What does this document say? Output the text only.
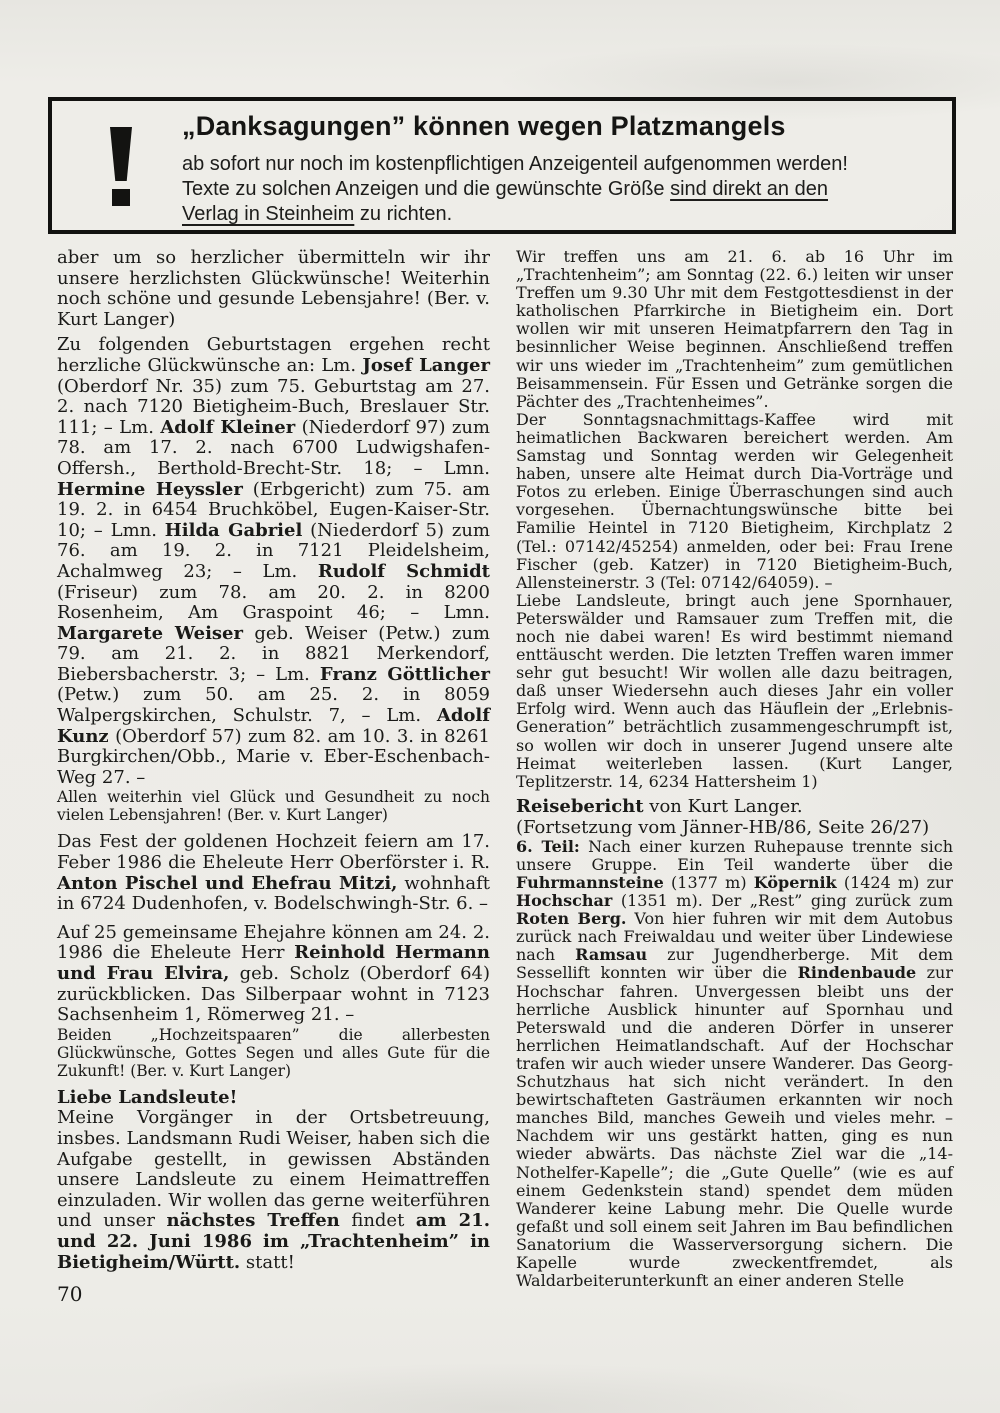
„Danksagungen” können wegen Platzmangels

ab sofort nur noch im kostenpflichtigen Anzeigenteil aufgenommen werden!

Texte zu solchen Anzeigen und die gewünschte Größe sind direkt an den

Verlag in Steinheim zu richten.

aber um so herzlicher übermitteln wir ihr unsere herzlichsten Glückwünsche! Weiterhin noch schöne und gesunde Lebensjahre! (Ber. v. Kurt Langer)

Zu folgenden Geburtstagen ergehen recht herzliche Glückwünsche an: Lm. Josef Langer (Oberdorf Nr. 35) zum 75. Geburtstag am 27. 2. nach 7120 Bietigheim-Buch, Breslauer Str. 111; – Lm. Adolf Kleiner (Niederdorf 97) zum 78. am 17. 2. nach 6700 Ludwigshafen-Offersh., Berthold-Brecht-Str. 18; – Lmn. Hermine Heyssler (Erbgericht) zum 75. am 19. 2. in 6454 Bruchköbel, Eugen-Kaiser-Str. 10; – Lmn. Hilda Gabriel (Niederdorf 5) zum 76. am 19. 2. in 7121 Pleidelsheim, Achalmweg 23; – Lm. Rudolf Schmidt (Friseur) zum 78. am 20. 2. in 8200 Rosenheim, Am Graspoint 46; – Lmn. Margarete Weiser geb. Weiser (Petw.) zum 79. am 21. 2. in 8821 Merkendorf, Biebersbacherstr. 3; – Lm. Franz Göttlicher (Petw.) zum 50. am 25. 2. in 8059 Walpergskirchen, Schulstr. 7, – Lm. Adolf Kunz (Oberdorf 57) zum 82. am 10. 3. in 8261 Burgkirchen/Obb., Marie v. Eber-Eschenbach-Weg 27. –

Allen weiterhin viel Glück und Gesundheit zu noch vielen Lebensjahren! (Ber. v. Kurt Langer)

Das Fest der goldenen Hochzeit feiern am 17. Feber 1986 die Eheleute Herr Oberförster i. R. Anton Pischel und Ehefrau Mitzi, wohnhaft in 6724 Dudenhofen, v. Bodelschwingh-Str. 6. –

Auf 25 gemeinsame Ehejahre können am 24. 2. 1986 die Eheleute Herr Reinhold Hermann und Frau Elvira, geb. Scholz (Oberdorf 64) zurückblicken. Das Silberpaar wohnt in 7123 Sachsenheim 1, Römerweg 21. –

Beiden „Hochzeitspaaren” die allerbesten Glückwünsche, Gottes Segen und alles Gute für die Zukunft! (Ber. v. Kurt Langer)

Liebe Landsleute!

Meine Vorgänger in der Ortsbetreuung, insbes. Landsmann Rudi Weiser, haben sich die Aufgabe gestellt, in gewissen Abständen unsere Landsleute zu einem Heimattreffen einzuladen. Wir wollen das gerne weiterführen und unser nächstes Treffen findet am 21. und 22. Juni 1986 im „Trachtenheim” in Bietigheim/Württ. statt!

Wir treffen uns am 21. 6. ab 16 Uhr im „Trachtenheim”; am Sonntag (22. 6.) leiten wir unser Treffen um 9.30 Uhr mit dem Festgottesdienst in der katholischen Pfarrkirche in Bietigheim ein. Dort wollen wir mit unseren Heimatpfarrern den Tag in besinnlicher Weise beginnen. Anschließend treffen wir uns wieder im „Trachtenheim” zum gemütlichen Beisammensein. Für Essen und Getränke sorgen die Pächter des „Trachtenheimes”.

Der Sonntagsnachmittags-Kaffee wird mit heimatlichen Backwaren bereichert werden. Am Samstag und Sonntag werden wir Gelegenheit haben, unsere alte Heimat durch Dia-Vorträge und Fotos zu erleben. Einige Überraschungen sind auch vorgesehen. Übernachtungswünsche bitte bei Familie Heintel in 7120 Bietigheim, Kirchplatz 2 (Tel.: 07142/45254) anmelden, oder bei: Frau Irene Fischer (geb. Katzer) in 7120 Bietigheim-Buch, Allensteinerstr. 3 (Tel: 07142/64059). –

Liebe Landsleute, bringt auch jene Spornhauer, Peterswälder und Ramsauer zum Treffen mit, die noch nie dabei waren! Es wird bestimmt niemand enttäuscht werden. Die letzten Treffen waren immer sehr gut besucht! Wir wollen alle dazu beitragen, daß unser Wiedersehn auch dieses Jahr ein voller Erfolg wird. Wenn auch das Häuflein der „Erlebnis-Generation” beträchtlich zusammengeschrumpft ist, so wollen wir doch in unserer Jugend unsere alte Heimat weiterleben lassen. (Kurt Langer, Teplitzerstr. 14, 6234 Hattersheim 1)

Reisebericht von Kurt Langer.

(Fortsetzung vom Jänner-HB/86, Seite 26/27)

6. Teil: Nach einer kurzen Ruhepause trennte sich unsere Gruppe. Ein Teil wanderte über die Fuhrmannsteine (1377 m) Köpernik (1424 m) zur Hochschar (1351 m). Der „Rest” ging zurück zum Roten Berg. Von hier fuhren wir mit dem Autobus zurück nach Freiwaldau und weiter über Lindewiese nach Ramsau zur Jugendherberge. Mit dem Sessellift konnten wir über die Rindenbaude zur Hochschar fahren. Unvergessen bleibt uns der herrliche Ausblick hinunter auf Spornhau und Peterswald und die anderen Dörfer in unserer herrlichen Heimatlandschaft. Auf der Hochschar trafen wir auch wieder unsere Wanderer. Das Georg-Schutzhaus hat sich nicht verändert. In den bewirtschafteten Gasträumen erkannten wir noch manches Bild, manches Geweih und vieles mehr. – Nachdem wir uns gestärkt hatten, ging es nun wieder abwärts. Das nächste Ziel war die „14-Nothelfer-Kapelle”; die „Gute Quelle” (wie es auf einem Gedenkstein stand) spendet dem müden Wanderer keine Labung mehr. Die Quelle wurde gefaßt und soll einem seit Jahren im Bau befindlichen Sanatorium die Wasserversorgung sichern. Die Kapelle wurde zweckentfremdet, als Waldarbeiterunterkunft an einer anderen Stelle

70
